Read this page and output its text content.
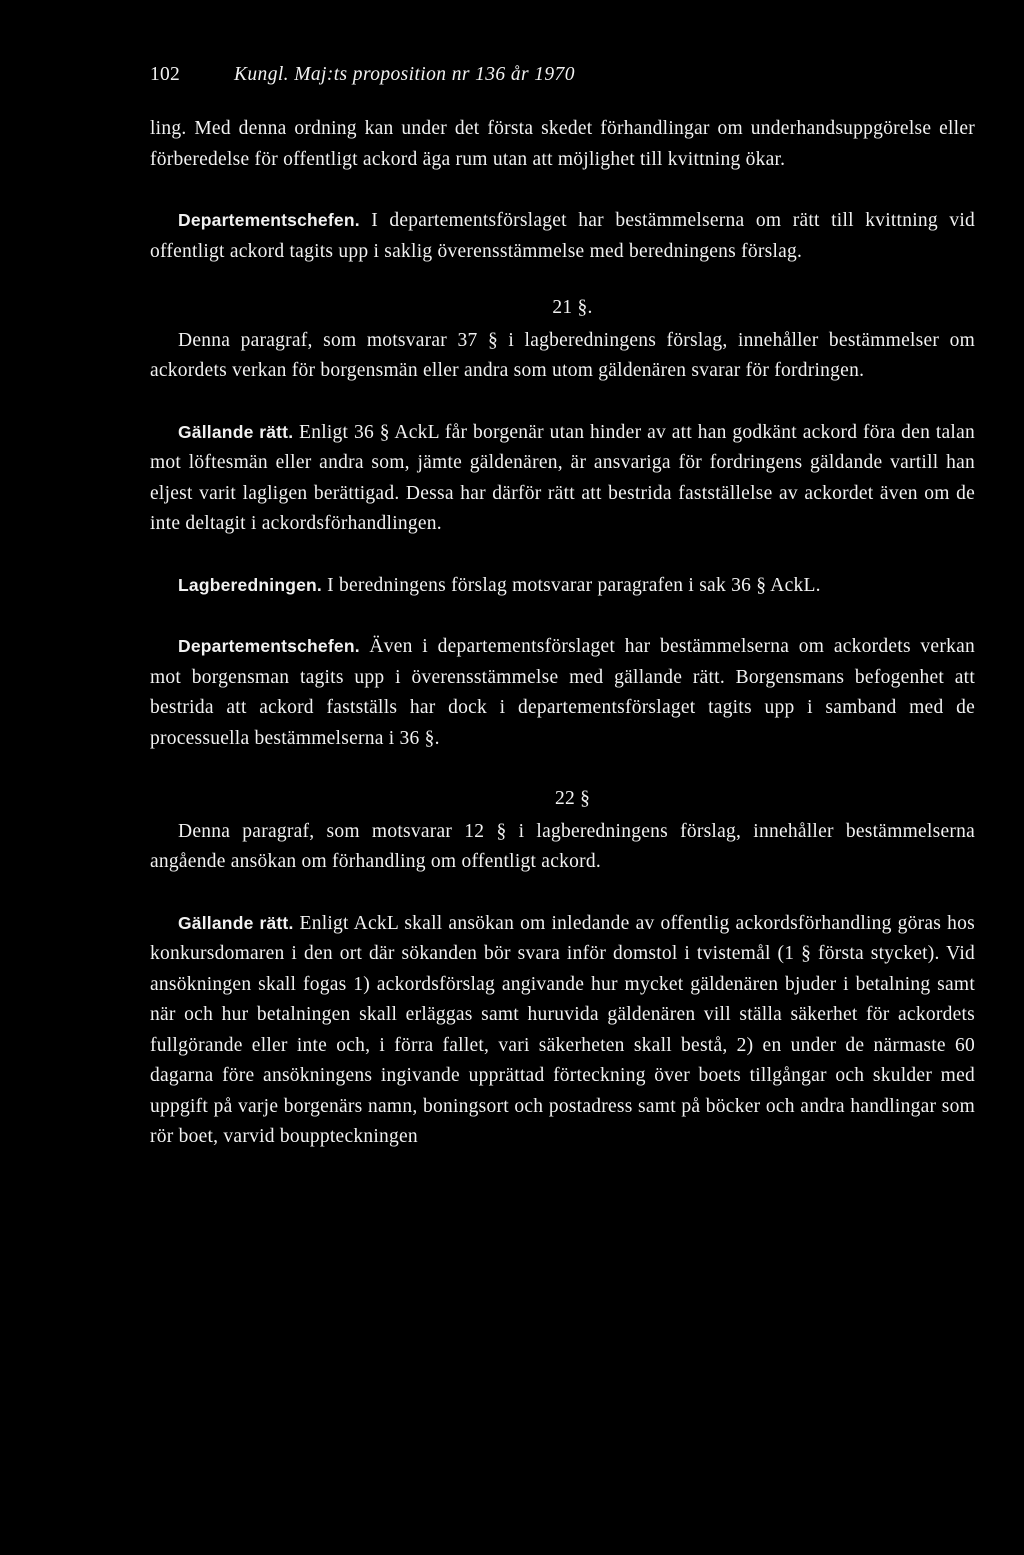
102	Kungl. Maj:ts proposition nr 136 år 1970

ling. Med denna ordning kan under det första skedet förhandlingar om underhandsuppgörelse eller förberedelse för offentligt ackord äga rum utan att möjlighet till kvittning ökar.

Departementschefen. I departementsförslaget har bestämmelserna om rätt till kvittning vid offentligt ackord tagits upp i saklig överensstämmelse med beredningens förslag.

21 §.

Denna paragraf, som motsvarar 37 § i lagberedningens förslag, innehåller bestämmelser om ackordets verkan för borgensmän eller andra som utom gäldenären svarar för fordringen.

Gällande rätt. Enligt 36 § AckL får borgenär utan hinder av att han godkänt ackord föra den talan mot löftesmän eller andra som, jämte gäldenären, är ansvariga för fordringens gäldande vartill han eljest varit lagligen berättigad. Dessa har därför rätt att bestrida fastställelse av ackordet även om de inte deltagit i ackordsförhandlingen.

Lagberedningen. I beredningens förslag motsvarar paragrafen i sak 36 § AckL.

Departementschefen. Även i departementsförslaget har bestämmelserna om ackordets verkan mot borgensman tagits upp i överensstämmelse med gällande rätt. Borgensmans befogenhet att bestrida att ackord fastställs har dock i departementsförslaget tagits upp i samband med de processuella bestämmelserna i 36 §.

22 §

Denna paragraf, som motsvarar 12 § i lagberedningens förslag, innehåller bestämmelserna angående ansökan om förhandling om offentligt ackord.

Gällande rätt. Enligt AckL skall ansökan om inledande av offentlig ackordsförhandling göras hos konkursdomaren i den ort där sökanden bör svara inför domstol i tvistemål (1 § första stycket). Vid ansökningen skall fogas 1) ackordsförslag angivande hur mycket gäldenären bjuder i betalning samt när och hur betalningen skall erläggas samt huruvida gäldenären vill ställa säkerhet för ackordets fullgörande eller inte och, i förra fallet, vari säkerheten skall bestå, 2) en under de närmaste 60 dagarna före ansökningens ingivande upprättad förteckning över boets tillgångar och skulder med uppgift på varje borgenärs namn, boningsort och postadress samt på böcker och andra handlingar som rör boet, varvid bouppteckningen
